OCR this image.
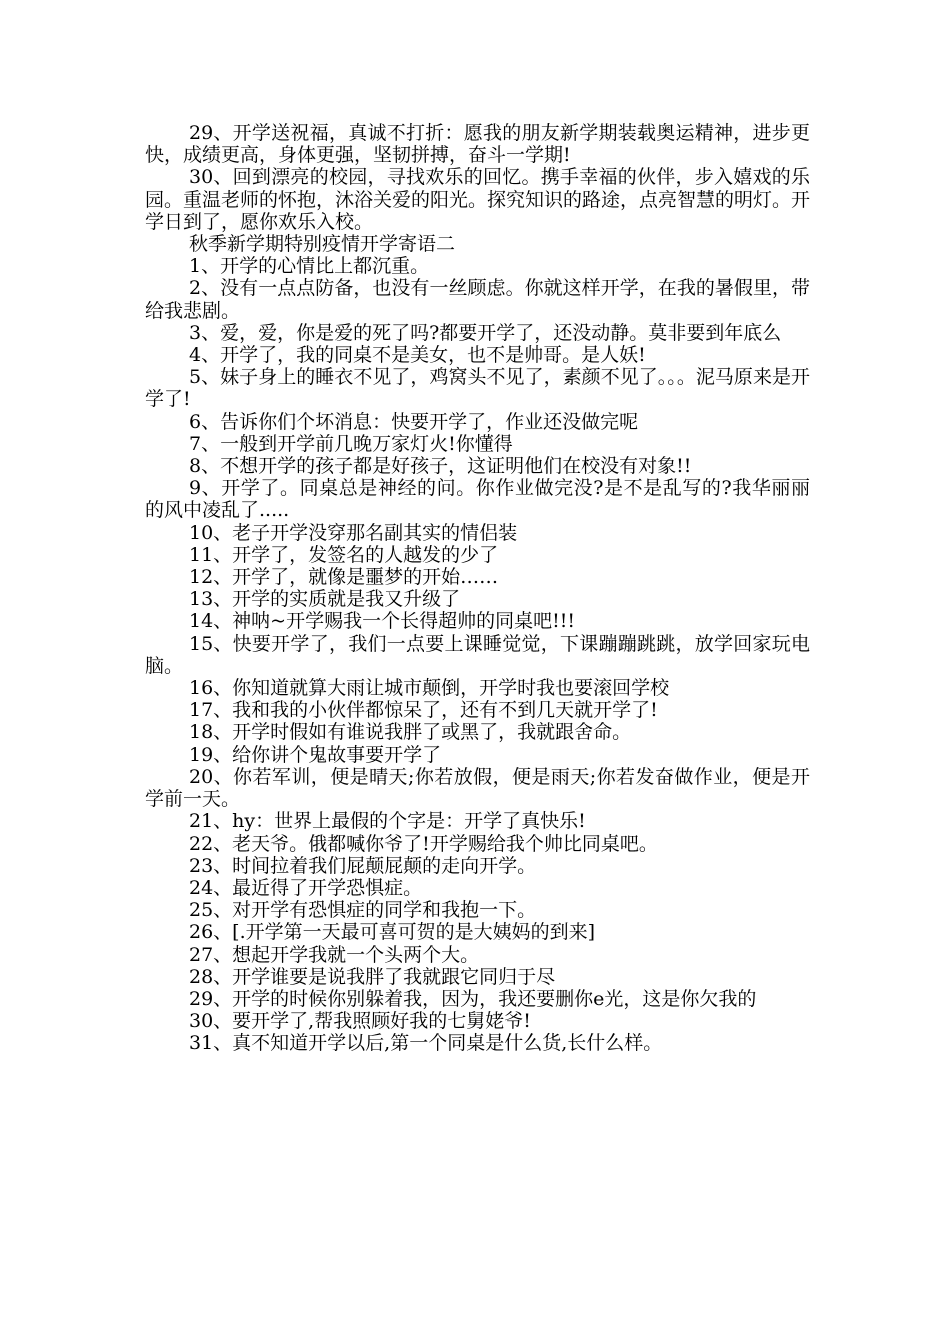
29、开学送祝福，真诚不打折：愿我的朋友新学期装载奥运精神，进步更快，成绩更高，身体更强，坚韧拼搏，奋斗一学期!

30、回到漂亮的校园，寻找欢乐的回忆。携手幸福的伙伴，步入嬉戏的乐园。重温老师的怀抱，沐浴关爱的阳光。探究知识的路途，点亮智慧的明灯。开学日到了，愿你欢乐入校。

秋季新学期特别疫情开学寄语二

1、开学的心情比上都沉重。

2、没有一点点防备，也没有一丝顾虑。你就这样开学，在我的暑假里，带给我悲剧。

3、爱，爱，你是爱的死了吗?都要开学了，还没动静。莫非要到年底么

4、开学了，我的同桌不是美女，也不是帅哥。是人妖!

5、妹子身上的睡衣不见了，鸡窝头不见了，素颜不见了。。。泥马原来是开学了!

6、告诉你们个坏消息：快要开学了，作业还没做完呢

7、一般到开学前几晚万家灯火!你懂得

8、不想开学的孩子都是好孩子，这证明他们在校没有对象!!

9、开学了。同桌总是神经的问。你作业做完没?是不是乱写的?我华丽丽的风中凌乱了.....

10、老子开学没穿那名副其实的情侣装

11、开学了，发签名的人越发的少了

12、开学了，就像是噩梦的开始……

13、开学的实质就是我又升级了

14、神呐~开学赐我一个长得超帅的同桌吧!!!

15、快要开学了，我们一点要上课睡觉觉，下课蹦蹦跳跳，放学回家玩电脑。

16、你知道就算大雨让城市颠倒，开学时我也要滚回学校

17、我和我的小伙伴都惊呆了，还有不到几天就开学了!

18、开学时假如有谁说我胖了或黑了，我就跟舍命。

19、给你讲个鬼故事要开学了

20、你若军训，便是晴天;你若放假，便是雨天;你若发奋做作业，便是开学前一天。

21、hy：世界上最假的个字是：开学了真快乐!

22、老天爷。俄都喊你爷了!开学赐给我个帅比同桌吧。

23、时间拉着我们屁颠屁颠的走向开学。

24、最近得了开学恐惧症。

25、对开学有恐惧症的同学和我抱一下。

26、[.开学第一天最可喜可贺的是大姨妈的到来]

27、想起开学我就一个头两个大。

28、开学谁要是说我胖了我就跟它同归于尽

29、开学的时候你别躲着我，因为，我还要删你e光，这是你欠我的

30、要开学了,帮我照顾好我的七舅姥爷!

31、真不知道开学以后,第一个同桌是什么货,长什么样。
